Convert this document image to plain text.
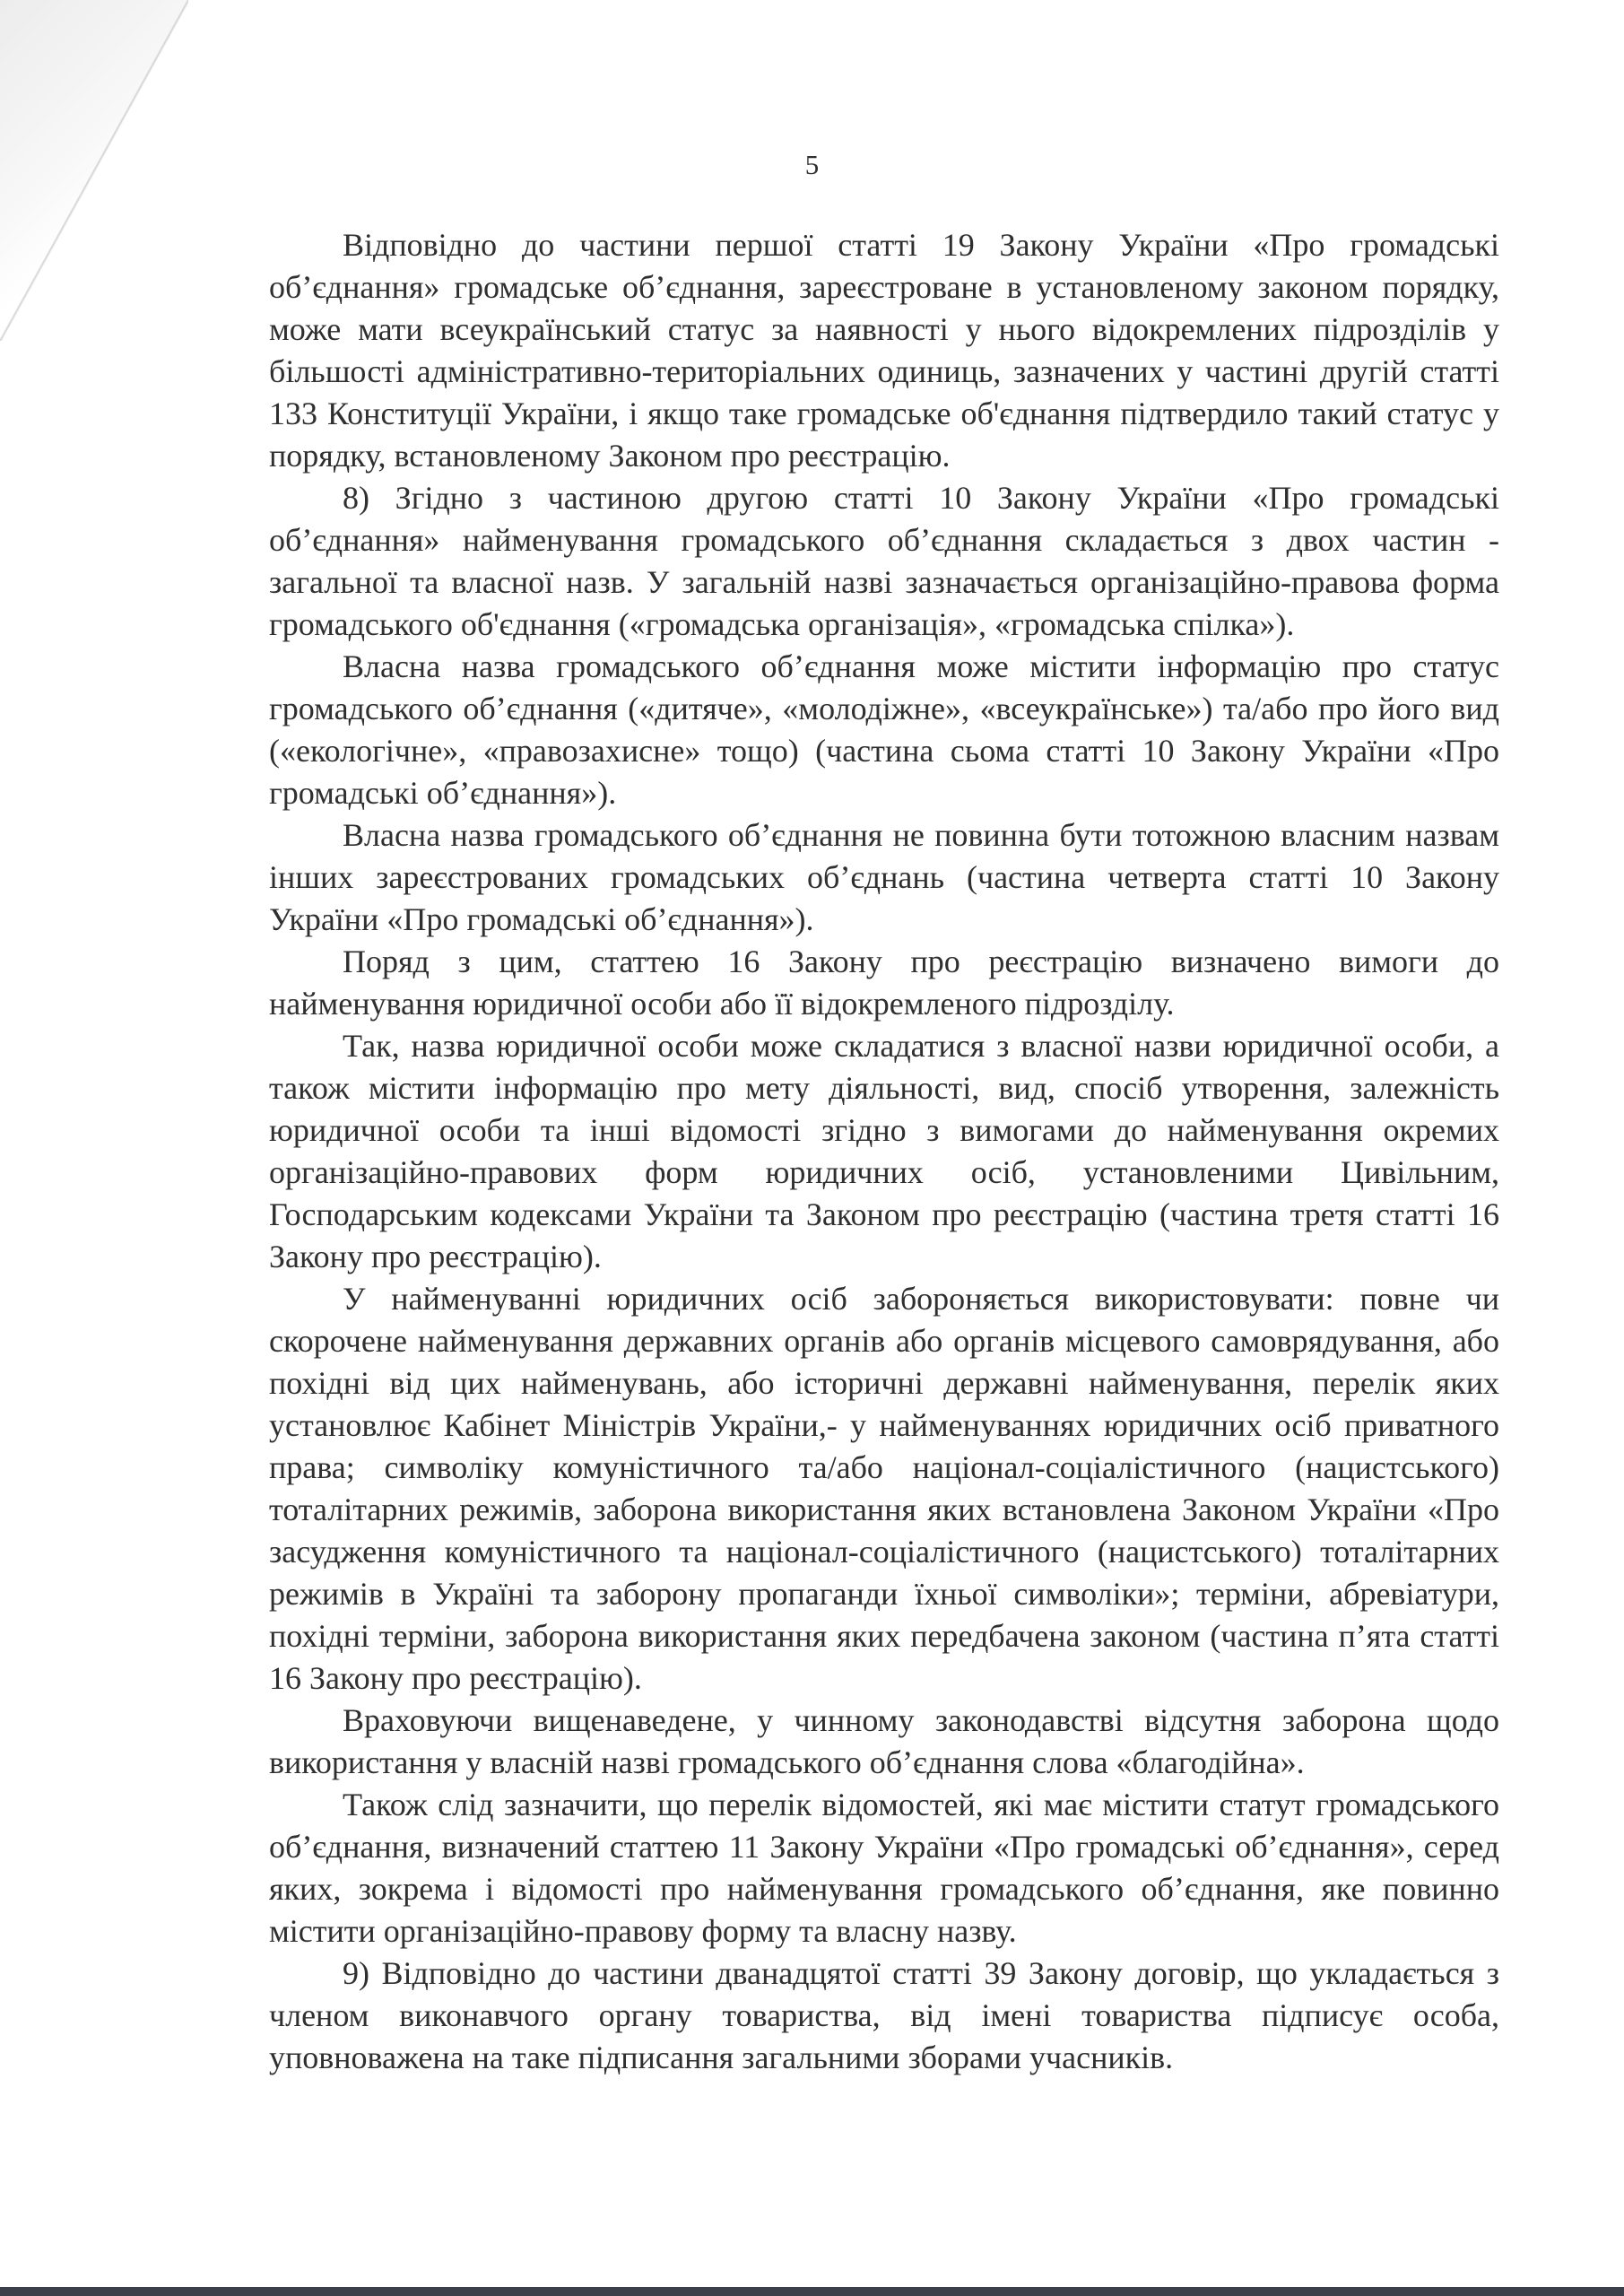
5

Відповідно до частини першої статті 19 Закону України «Про громадські об’єднання» громадське об’єднання, зареєстроване в установленому законом порядку, може мати всеукраїнський статус за наявності у нього відокремлених підрозділів у більшості адміністративно-територіальних одиниць, зазначених у частині другій статті 133 Конституції України, і якщо таке громадське об'єднання підтвердило такий статус у порядку, встановленому Законом про реєстрацію.

8) Згідно з частиною другою статті 10 Закону України «Про громадські об’єднання» найменування громадського об’єднання складається з двох частин - загальної та власної назв. У загальній назві зазначається організаційно-правова форма громадського об'єднання («громадська організація», «громадська спілка»).

Власна назва громадського об’єднання може містити інформацію про статус громадського об’єднання («дитяче», «молодіжне», «всеукраїнське») та/або про його вид («екологічне», «правозахисне» тощо) (частина сьома статті 10 Закону України «Про громадські об’єднання»).

Власна назва громадського об’єднання не повинна бути тотожною власним назвам інших зареєстрованих громадських об’єднань (частина четверта статті 10 Закону України «Про громадські об’єднання»).

Поряд з цим, статтею 16 Закону про реєстрацію визначено вимоги до найменування юридичної особи або її відокремленого підрозділу.

Так, назва юридичної особи може складатися з власної назви юридичної особи, а також містити інформацію про мету діяльності, вид, спосіб утворення, залежність юридичної особи та інші відомості згідно з вимогами до найменування окремих організаційно-правових форм юридичних осіб, установленими Цивільним, Господарським кодексами України та Законом про реєстрацію (частина третя статті 16 Закону про реєстрацію).

У найменуванні юридичних осіб забороняється використовувати: повне чи скорочене найменування державних органів або органів місцевого самоврядування, або похідні від цих найменувань, або історичні державні найменування, перелік яких установлює Кабінет Міністрів України,- у найменуваннях юридичних осіб приватного права; символіку комуністичного та/або націонал-соціалістичного (нацистського) тоталітарних режимів, заборона використання яких встановлена Законом України «Про засудження комуністичного та націонал-соціалістичного (нацистського) тоталітарних режимів в Україні та заборону пропаганди їхньої символіки»; терміни, абревіатури, похідні терміни, заборона використання яких передбачена законом (частина п’ята статті 16 Закону про реєстрацію).

Враховуючи вищенаведене, у чинному законодавстві відсутня заборона щодо використання у власній назві громадського об’єднання слова «благодійна».

Також слід зазначити, що перелік відомостей, які має містити статут громадського об’єднання, визначений статтею 11 Закону України «Про громадські об’єднання», серед яких, зокрема і відомості про найменування громадського об’єднання, яке повинно містити організаційно-правову форму та власну назву.

9) Відповідно до частини дванадцятої статті 39 Закону договір, що укладається з членом виконавчого органу товариства, від імені товариства підписує особа, уповноважена на таке підписання загальними зборами учасників.
